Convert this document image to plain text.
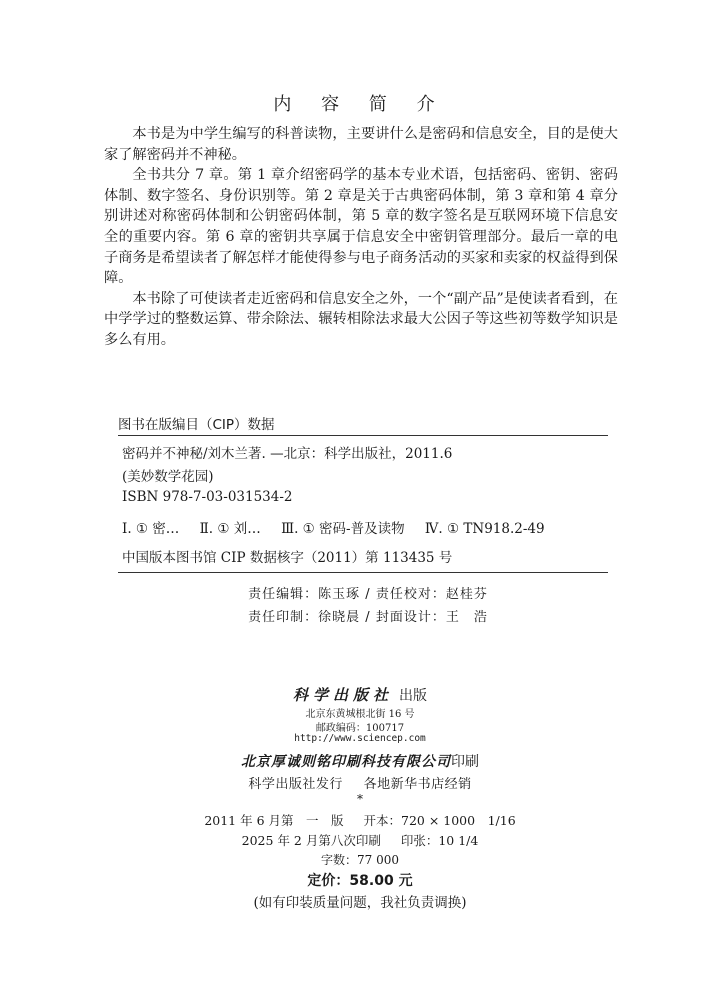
内 容 简 介

本书是为中学生编写的科普读物，主要讲什么是密码和信息安全，目的是使大家了解密码并不神秘。

全书共分 7 章。第 1 章介绍密码学的基本专业术语，包括密码、密钥、密码体制、数字签名、身份识别等。第 2 章是关于古典密码体制，第 3 章和第 4 章分别讲述对称密码体制和公钥密码体制，第 5 章的数字签名是互联网环境下信息安全的重要内容。第 6 章的密钥共享属于信息安全中密钥管理部分。最后一章的电子商务是希望读者了解怎样才能使得参与电子商务活动的买家和卖家的权益得到保障。

本书除了可使读者走近密码和信息安全之外，一个“副产品”是使读者看到，在中学学过的整数运算、带余除法、辗转相除法求最大公因子等这些初等数学知识是多么有用。

图书在版编目（CIP）数据
密码并不神秘/刘木兰著. —北京：科学出版社，2011.6
(美妙数学花园)
ISBN 978-7-03-031534-2
Ⅰ. ① 密… Ⅱ. ① 刘… Ⅲ. ① 密码-普及读物 Ⅳ. ① TN918.2-49
中国版本图书馆 CIP 数据核字（2011）第 113435 号
责任编辑：陈玉琢 / 责任校对：赵桂芬
责任印制：徐晓晨 / 封面设计：王　浩
科学出版社 出版
北京东黄城根北街 16 号
邮政编码：100717
http://www.sciencep.com
北京厚诚则铭印刷科技有限公司印刷
科学出版社发行 各地新华书店经销
*
2011 年 6 月第　一　版 开本：720 × 1000　1/16
2025 年 2 月第八次印刷 印张：10 1/4
字数：77 000
定价：58.00 元
(如有印装质量问题，我社负责调换)
